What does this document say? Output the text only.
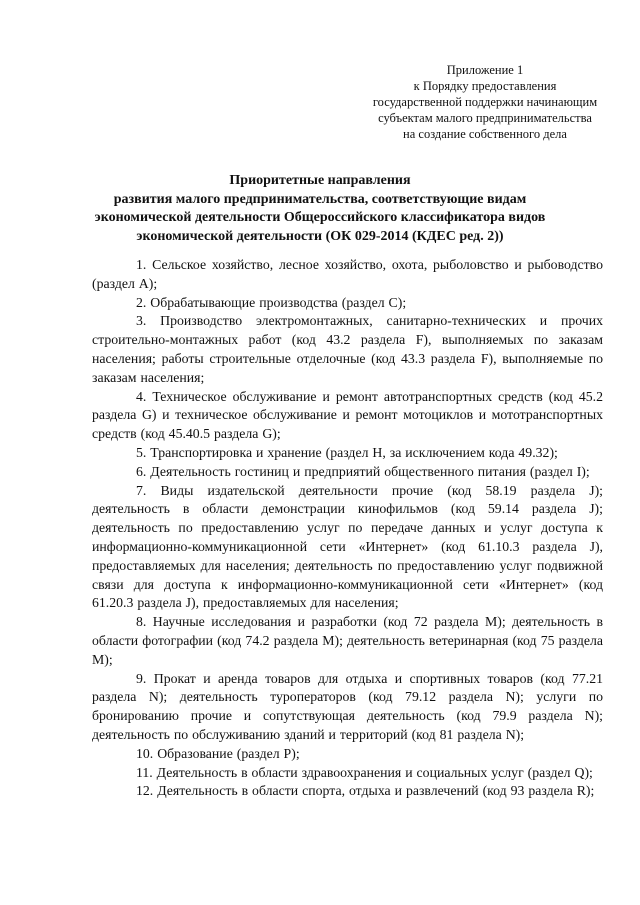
Приложение 1
к Порядку предоставления
государственной поддержки начинающим
субъектам малого предпринимательства
на создание собственного дела
Приоритетные направления
развития малого предпринимательства, соответствующие видам
экономической деятельности Общероссийского классификатора видов
экономической деятельности (ОК 029-2014 (КДЕС ред. 2))

1. Сельское хозяйство, лесное хозяйство, охота, рыболовство и рыбоводство (раздел А);

2. Обрабатывающие производства (раздел С);

3. Производство электромонтажных, санитарно-технических и прочих строительно-монтажных работ (код 43.2 раздела F), выполняемых по заказам населения; работы строительные отделочные (код 43.3 раздела F), выполняемые по заказам населения;

4. Техническое обслуживание и ремонт автотранспортных средств (код 45.2 раздела G) и техническое обслуживание и ремонт мотоциклов и мототранспортных средств (код 45.40.5 раздела G);

5. Транспортировка и хранение (раздел H, за исключением кода 49.32);

6. Деятельность гостиниц и предприятий общественного питания (раздел I);

7. Виды издательской деятельности прочие (код 58.19 раздела J); деятельность в области демонстрации кинофильмов (код 59.14 раздела J); деятельность по предоставлению услуг по передаче данных и услуг доступа к информационно-коммуникационной сети «Интернет» (код 61.10.3 раздела J), предоставляемых для населения; деятельность по предоставлению услуг подвижной связи для доступа к информационно-коммуникационной сети «Интернет» (код 61.20.3 раздела J), предоставляемых для населения;

8. Научные исследования и разработки (код 72 раздела M); деятельность в области фотографии (код 74.2 раздела M); деятельность ветеринарная (код 75 раздела M);

9. Прокат и аренда товаров для отдыха и спортивных товаров (код 77.21 раздела N); деятельность туроператоров (код 79.12 раздела N); услуги по бронированию прочие и сопутствующая деятельность (код 79.9 раздела N); деятельность по обслуживанию зданий и территорий (код 81 раздела N);

10. Образование (раздел P);

11. Деятельность в области здравоохранения и социальных услуг (раздел Q);

12. Деятельность в области спорта, отдыха и развлечений (код 93 раздела R);
